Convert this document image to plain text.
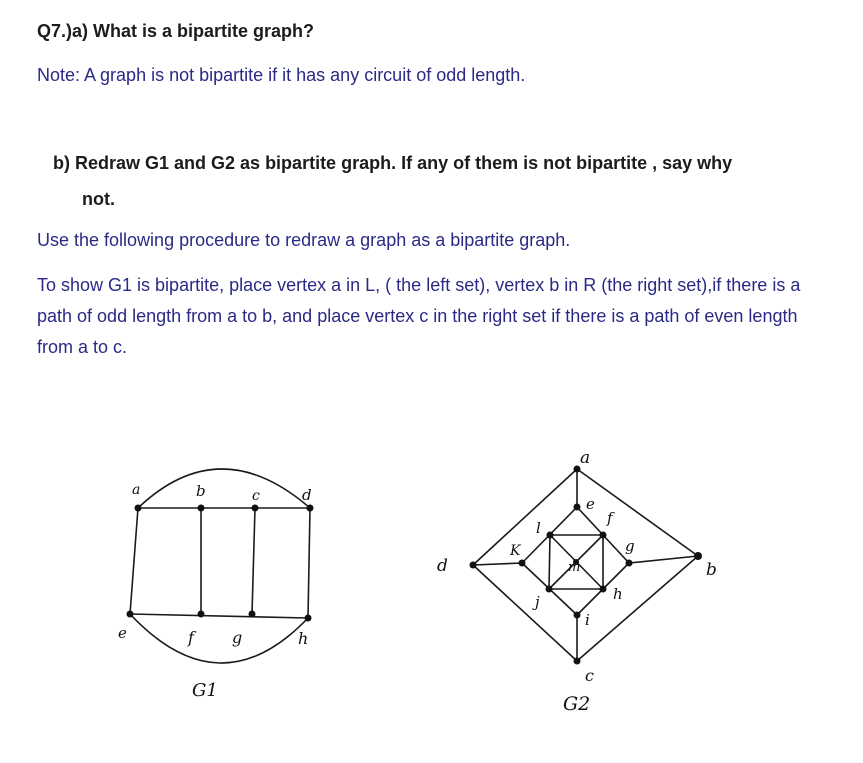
Q7.)a) What is a bipartite graph?

Note: A graph is not bipartite if it has any circuit of odd length.

b) Redraw G1 and G2 as bipartite graph. If any of them is not bipartite , say why

not.

Use the following procedure to redraw a graph as a bipartite graph.

To show G1 is bipartite, place vertex a in L, ( the left set), vertex b in R (the right set),if there is a path of odd length from a to b, and place vertex c in the right set if there is a path of even length from a to c.

a	b	c	d
e	f g	h
G1
a
b
c
d
e
f
g
h
i
j
K
l
m
G2
